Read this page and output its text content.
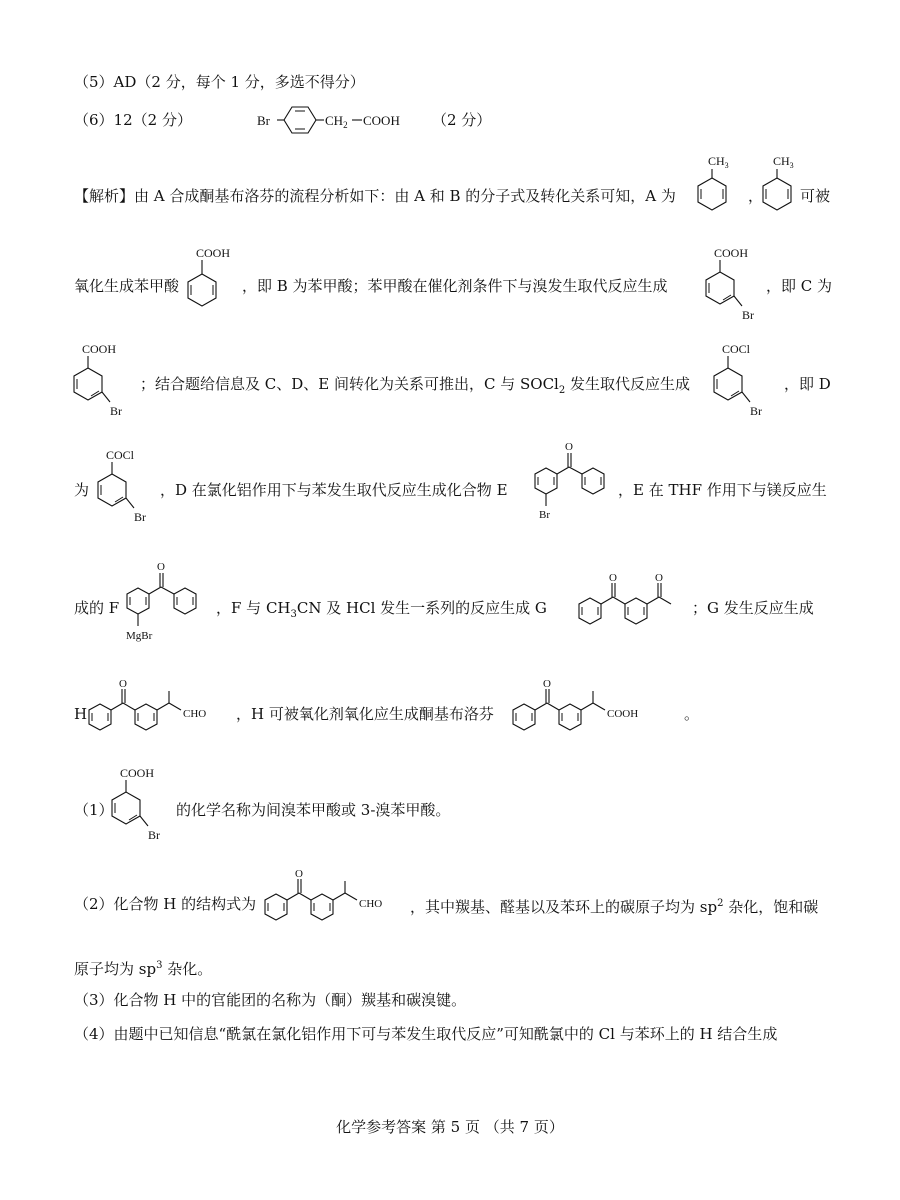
（5）AD（2 分，每个 1 分，多选不得分）
（6）12（2 分）	Br	$CH_2$ COOH （2 分）
【解析】由 A 合成酮基布洛芬的流程分析如下：由 A 和 B 的分子式及转化关系可知，A 为
$CH_3$
，
$CH_3$
可被
氧化生成苯甲酸
COOH
，即 B 为苯甲酸；苯甲酸在催化剂条件下与溴发生取代反应生成
COOH
Br
，即 C 为
COOH
Br
；结合题给信息及 C、D、E 间转化为关系可推出，C 与 SOCl$_2$ 发生取代反应生成
COCl
Br
，即 D
为
COCl
Br
，D 在氯化铝作用下与苯发生取代反应生成化合物 E
O
Br
，E 在 THF 作用下与镁反应生
成的 F
O
MgBr
，F 与 $CH_3CN$ 及 HCl 发生一系列的反应生成 G
O	O
；G 发生反应生成
H
O
CHO ，H 可被氧化剂氧化应生成酮基布洛芬
O
COOH	。
（1）
COOH
Br
的化学名称为间溴苯甲酸或 3-溴苯甲酸。
（2）化合物 H 的结构式为
O
CHO ，其中羰基、醛基以及苯环上的碳原子均为 $sp^2$ 杂化，饱和碳
原子均为 $sp^3$ 杂化。
（3）化合物 H 中的官能团的名称为（酮）羰基和碳溴键。
（4）由题中已知信息“酰氯在氯化铝作用下可与苯发生取代反应”可知酰氯中的 Cl 与苯环上的 H 结合生成
化学参考答案 第 5 页 （共 7 页）
